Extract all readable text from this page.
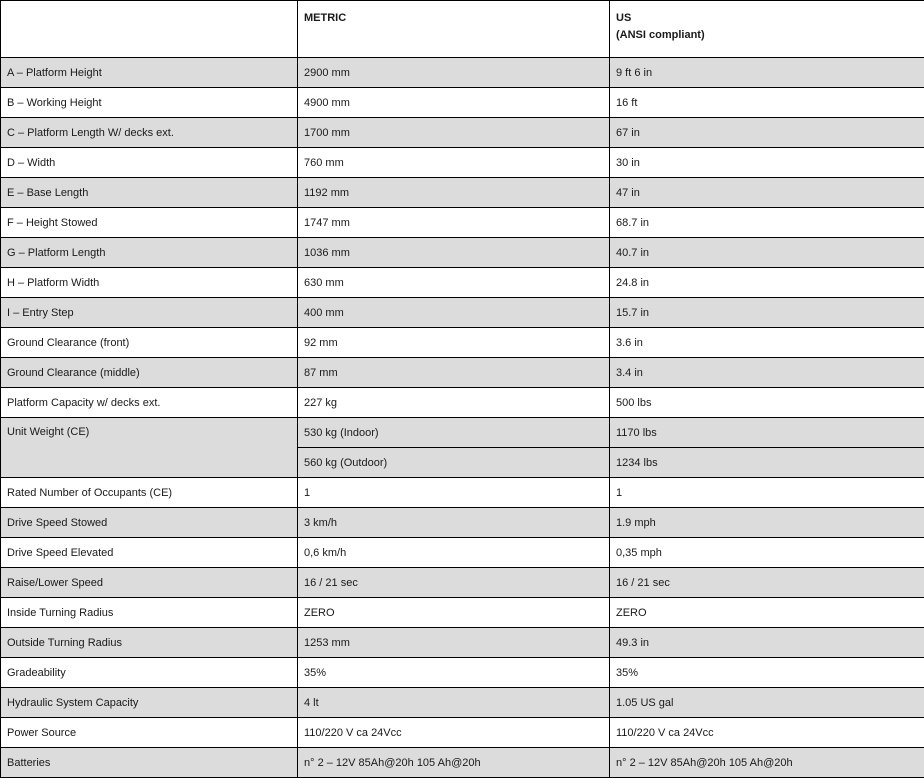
	METRIC	US
(ANSI compliant)

A – Platform Height	2900 mm	9 ft 6 in
B – Working Height	4900 mm	16 ft
C – Platform Length W/ decks ext.	1700 mm	67 in
D – Width	760 mm	30 in
E – Base Length	1192 mm	47 in
F – Height Stowed	1747 mm	68.7 in
G – Platform Length	1036 mm	40.7 in
H – Platform Width	630 mm	24.8 in
I – Entry Step	400 mm	15.7 in
Ground Clearance (front)	92 mm	3.6 in
Ground Clearance (middle)	87 mm	3.4 in
Platform Capacity w/ decks ext.	227 kg	500 lbs
Unit Weight (CE)	530 kg (Indoor)	1170 lbs
	560 kg (Outdoor)	1234 lbs
Rated Number of Occupants (CE)	1	1
Drive Speed Stowed	3 km/h	1.9 mph
Drive Speed Elevated	0,6 km/h	0,35 mph
Raise/Lower Speed	16 / 21 sec	16 / 21 sec
Inside Turning Radius	ZERO	ZERO
Outside Turning Radius	1253 mm	49.3 in
Gradeability	35%	35%
Hydraulic System Capacity	4 lt	1.05 US gal
Power Source	110/220 V ca 24Vcc	110/220 V ca 24Vcc
Batteries	n° 2 – 12V 85Ah@20h 105 Ah@20h	n° 2 – 12V 85Ah@20h 105 Ah@20h
